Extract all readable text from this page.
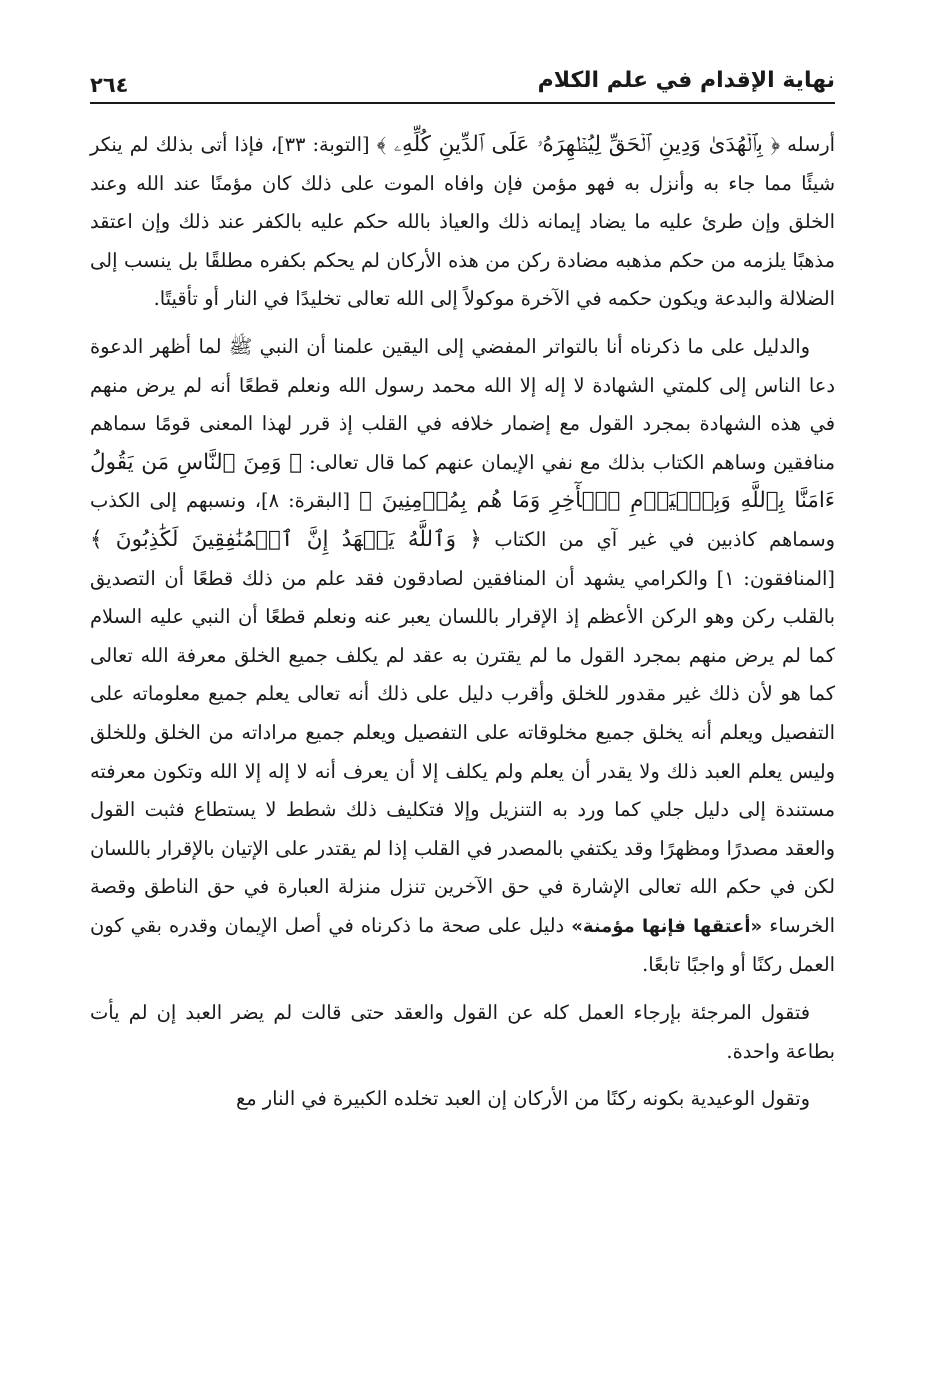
نهاية الإقدام في علم الكلام
٢٦٤

أرسله ﴿ بِٱلۡهُدَىٰ وَدِينِ ٱلۡحَقِّ لِيُظۡهِرَهُۥ عَلَى ٱلدِّينِ كُلِّهِۦ ﴾ [التوبة: ٣٣]، فإذا أتى بذلك لم ينكر شيئًا مما جاء به وأنزل به فهو مؤمن فإن وافاه الموت على ذلك كان مؤمنًا عند الله وعند الخلق وإن طرئ عليه ما يضاد إيمانه ذلك والعياذ بالله حكم عليه بالكفر عند ذلك وإن اعتقد مذهبًا يلزمه من حكم مذهبه مضادة ركن من هذه الأركان لم يحكم بكفره مطلقًا بل ينسب إلى الضلالة والبدعة ويكون حكمه في الآخرة موكولاً إلى الله تعالى تخليدًا في النار أو تأقيتًا.

والدليل على ما ذكرناه أنا بالتواتر المفضي إلى اليقين علمنا أن النبي ﷺ لما أظهر الدعوة دعا الناس إلى كلمتي الشهادة لا إله إلا الله محمد رسول الله ونعلم قطعًا أنه لم يرض منهم في هذه الشهادة بمجرد القول مع إضمار خلافه في القلب إذ قرر لهذا المعنى قومًا سماهم منافقين وساهم الكتاب بذلك مع نفي الإيمان عنهم كما قال تعالى: ﴿ وَمِنَ ٱلنَّاسِ مَن يَقُولُ ءَامَنَّا بِٱللَّهِ وَبِٱلۡيَوۡمِ ٱلۡأٓخِرِ وَمَا هُم بِمُؤۡمِنِينَ ﴾ [البقرة: ٨]، ونسبهم إلى الكذب وسماهم كاذبين في غير آي من الكتاب ﴿ وَٱللَّهُ يَشۡهَدُ إِنَّ ٱلۡمُنَٰفِقِينَ لَكَٰذِبُونَ ﴾ [المنافقون: ١] والكرامي يشهد أن المنافقين لصادقون فقد علم من ذلك قطعًا أن التصديق بالقلب ركن وهو الركن الأعظم إذ الإقرار باللسان يعبر عنه ونعلم قطعًا أن النبي عليه السلام كما لم يرض منهم بمجرد القول ما لم يقترن به عقد لم يكلف جميع الخلق معرفة الله تعالى كما هو لأن ذلك غير مقدور للخلق وأقرب دليل على ذلك أنه تعالى يعلم جميع معلوماته على التفصيل ويعلم أنه يخلق جميع مخلوقاته على التفصيل ويعلم جميع مراداته من الخلق وللخلق وليس يعلم العبد ذلك ولا يقدر أن يعلم ولم يكلف إلا أن يعرف أنه لا إله إلا الله وتكون معرفته مستندة إلى دليل جلي كما ورد به التنزيل وإلا فتكليف ذلك شطط لا يستطاع فثبت القول والعقد مصدرًا ومظهرًا وقد يكتفي بالمصدر في القلب إذا لم يقتدر على الإتيان بالإقرار باللسان لكن في حكم الله تعالى الإشارة في حق الآخرين تنزل منزلة العبارة في حق الناطق وقصة الخرساء «أعتقها فإنها مؤمنة» دليل على صحة ما ذكرناه في أصل الإيمان وقدره بقي كون العمل ركنًا أو واجبًا تابعًا.

فتقول المرجئة بإرجاء العمل كله عن القول والعقد حتى قالت لم يضر العبد إن لم يأت بطاعة واحدة.

وتقول الوعيدية بكونه ركنًا من الأركان إن العبد تخلده الكبيرة في النار مع
